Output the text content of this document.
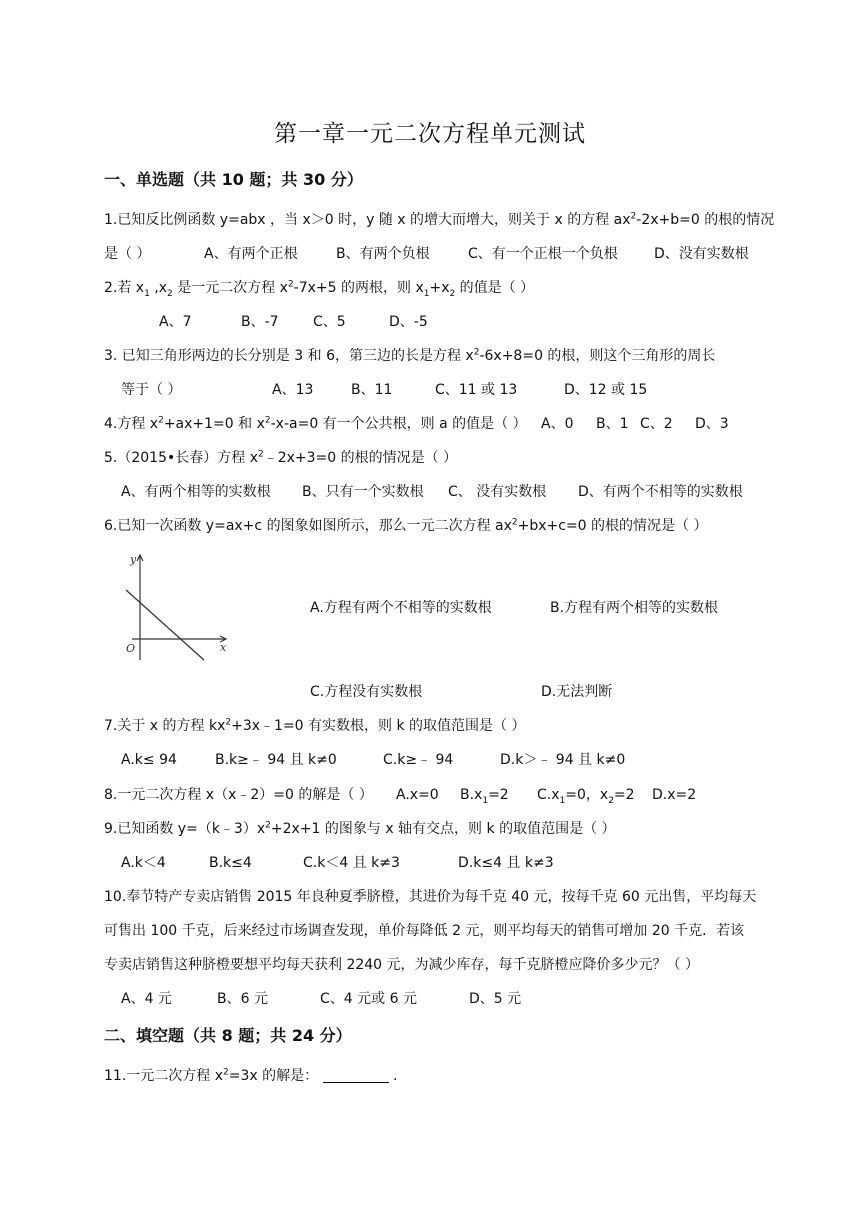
第一章一元二次方程单元测试
一、单选题（共 10 题；共 30 分）
1.已知反比例函数 y=abx ，当 x＞0 时，y 随 x 的增大而增大，则关于 x 的方程 $ax^2-2x+b=0$ 的根的情况
是（ ）	A、有两个正根	B、有两个负根	C、有一个正根一个负根	D、没有实数根
2.若 $x_1$ $,x_2$ 是一元二次方程 $x^2-7x+5$ 的两根，则 $x_1+x_2$ 的值是（ ）
A、7	B、-7 C、5	D、-5
3. 已知三角形两边的长分别是 3 和 6，第三边的长是方程 $x^2-6x+8=0$ 的根，则这个三角形的周长
等于（ ）	A、13	B、11	C、11 或 13	D、12 或 15
4.方程 $x^2+ax+1=0$ 和 $x^2-x-a=0$ 有一个公共根，则 a 的值是（ ） A、0 B、1 C、2 D、3
5.（2015•长春）方程 $x^2﹣2x+3=0$ 的根的情况是（ ）
A、有两个相等的实数根 B、只有一个实数根 C、 没有实数根 D、有两个不相等的实数根
6.已知一次函数 y=ax+c 的图象如图所示，那么一元二次方程 $ax^2+bx+c=0$ 的根的情况是（ ）
y
x
O
A.方程有两个不相等的实数根	B.方程有两个相等的实数根
C.方程没有实数根	D.无法判断
7.关于 x 的方程 $kx^2+3x﹣1=0$ 有实数根，则 k 的取值范围是（ ）
A.k≤ 94	B.k≥﹣ 94 且 k≠0	C.k≥﹣ 94	D.k＞﹣ 94 且 k≠0
8.一元二次方程 x（x﹣2）=0 的解是（ ） A.x=0 $B.x_1=2$ $C.x_1=0$，$x_2=2$ D.x=2
9.已知函数 $y=(k﹣3)x^2+2x+1$ 的图象与 x 轴有交点，则 k 的取值范围是（ ）
A.k＜4	B.k≤4	C.k＜4 且 k≠3	D.k≤4 且 k≠3
10.奉节特产专卖店销售 2015 年良种夏季脐橙，其进价为每千克 40 元，按每千克 60 元出售，平均每天
可售出 100 千克，后来经过市场调查发现，单价每降低 2 元，则平均每天的销售可增加 20 千克．若该
专卖店销售这种脐橙要想平均每天获利 2240 元，为减少库存，每千克脐橙应降价多少元？（ ）
A、4 元	B、6 元	C、4 元或 6 元	D、5 元
二、填空题（共 8 题；共 24 分）
11.一元二次方程 $x^2=3x$ 的解是：	.
